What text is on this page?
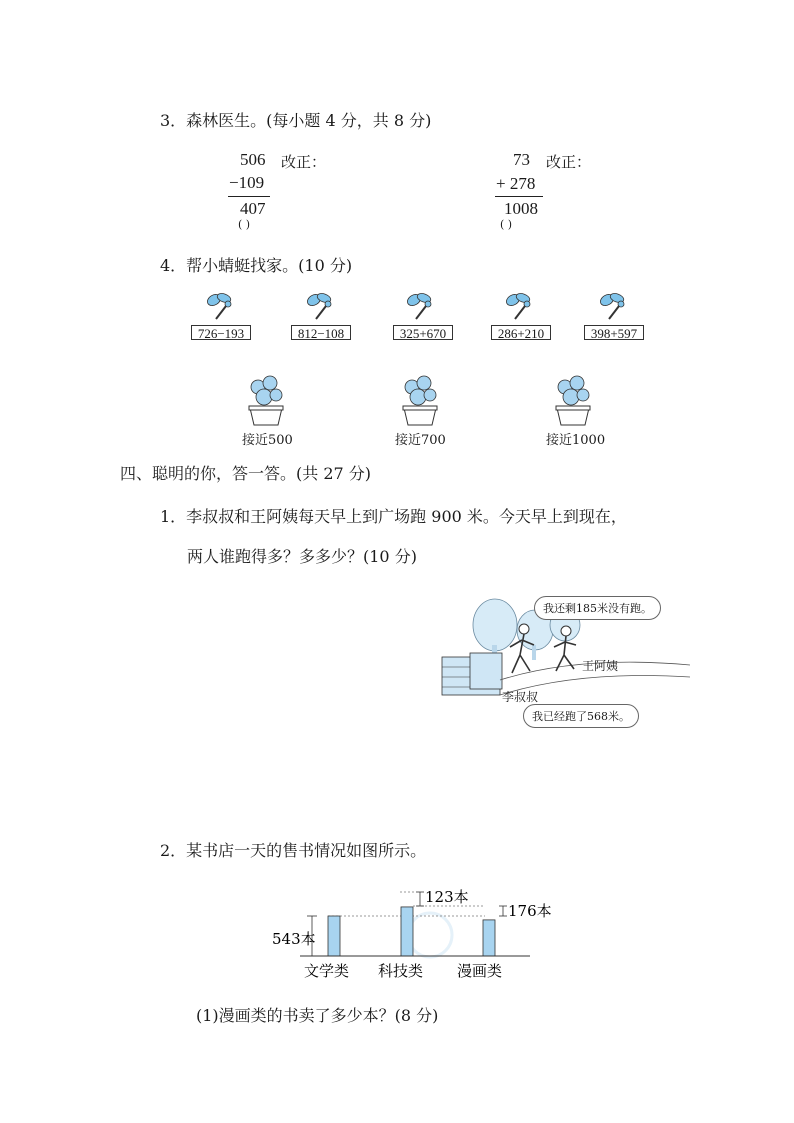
3．森林医生。(每小题 4 分，共 8 分)
506 改正：
−109
407
( )
73 改正：
+ 278
1008
( )
4．帮小蜻蜓找家。(10 分)
726−193	812−108	325+670	286+210	398+597
接近500	接近700	接近1000
四、聪明的你，答一答。(共 27 分)
1．李叔叔和王阿姨每天早上到广场跑 900 米。今天早上到现在，
两人谁跑得多？多多少？(10 分)
我还剩185米没有跑。
王阿姨
李叔叔
我已经跑了568米。
2．某书店一天的售书情况如图所示。
543本
123本
176本
文学类 科技类 漫画类
(1)漫画类的书卖了多少本？(8 分)
